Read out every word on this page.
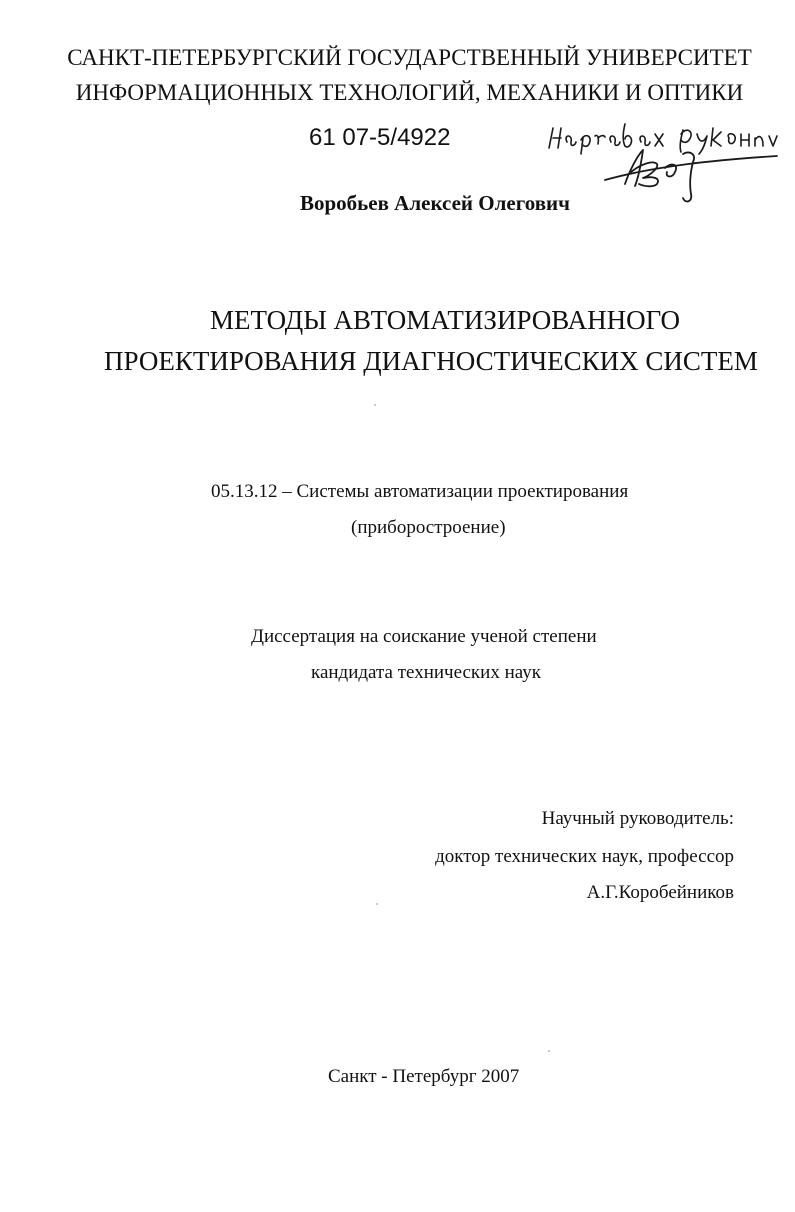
САНКТ-ПЕТЕРБУРГСКИЙ ГОСУДАРСТВЕННЫЙ УНИВЕРСИТЕТ
ИНФОРМАЦИОННЫХ ТЕХНОЛОГИЙ, МЕХАНИКИ И ОПТИКИ
61 07-5/4922
Воробьев Алексей Олегович
МЕТОДЫ АВТОМАТИЗИРОВАННОГО
ПРОЕКТИРОВАНИЯ ДИАГНОСТИЧЕСКИХ СИСТЕМ
05.13.12 – Системы автоматизации проектирования
(приборостроение)
Диссертация на соискание ученой степени
кандидата технических наук
Научный руководитель:
доктор технических наук, профессор
А.Г.Коробейников
Санкт - Петербург 2007
